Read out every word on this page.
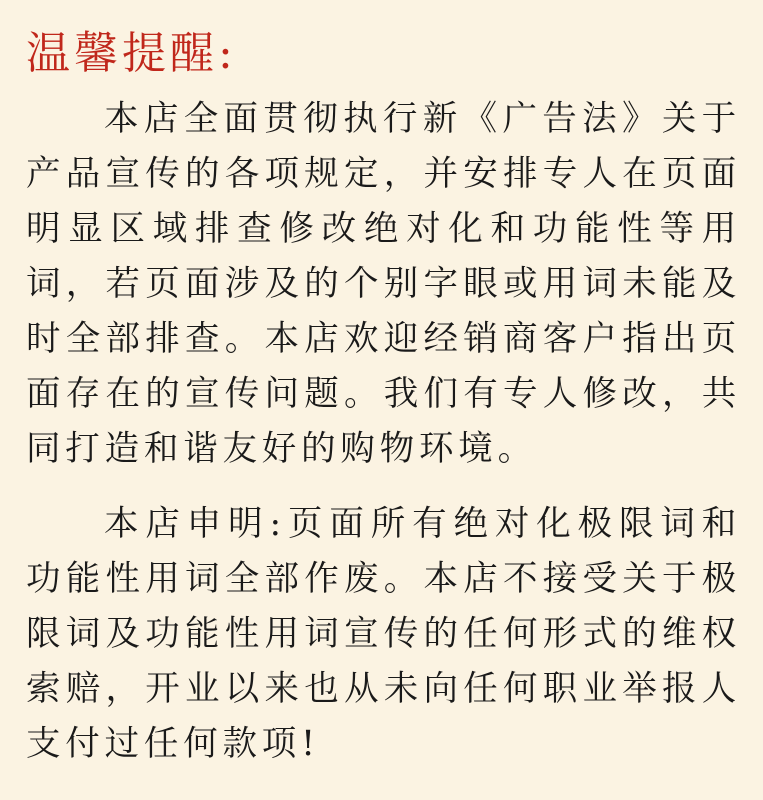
温馨提醒:

本店全面贯彻执行新《广告法》关于产品宣传的各项规定，并安排专人在页面明显区域排查修改绝对化和功能性等用词，若页面涉及的个别字眼或用词未能及时全部排查。本店欢迎经销商客户指出页面存在的宣传问题。我们有专人修改，共同打造和谐友好的购物环境。

本店申明:页面所有绝对化极限词和功能性用词全部作废。本店不接受关于极限词及功能性用词宣传的任何形式的维权索赔，开业以来也从未向任何职业举报人支付过任何款项!
